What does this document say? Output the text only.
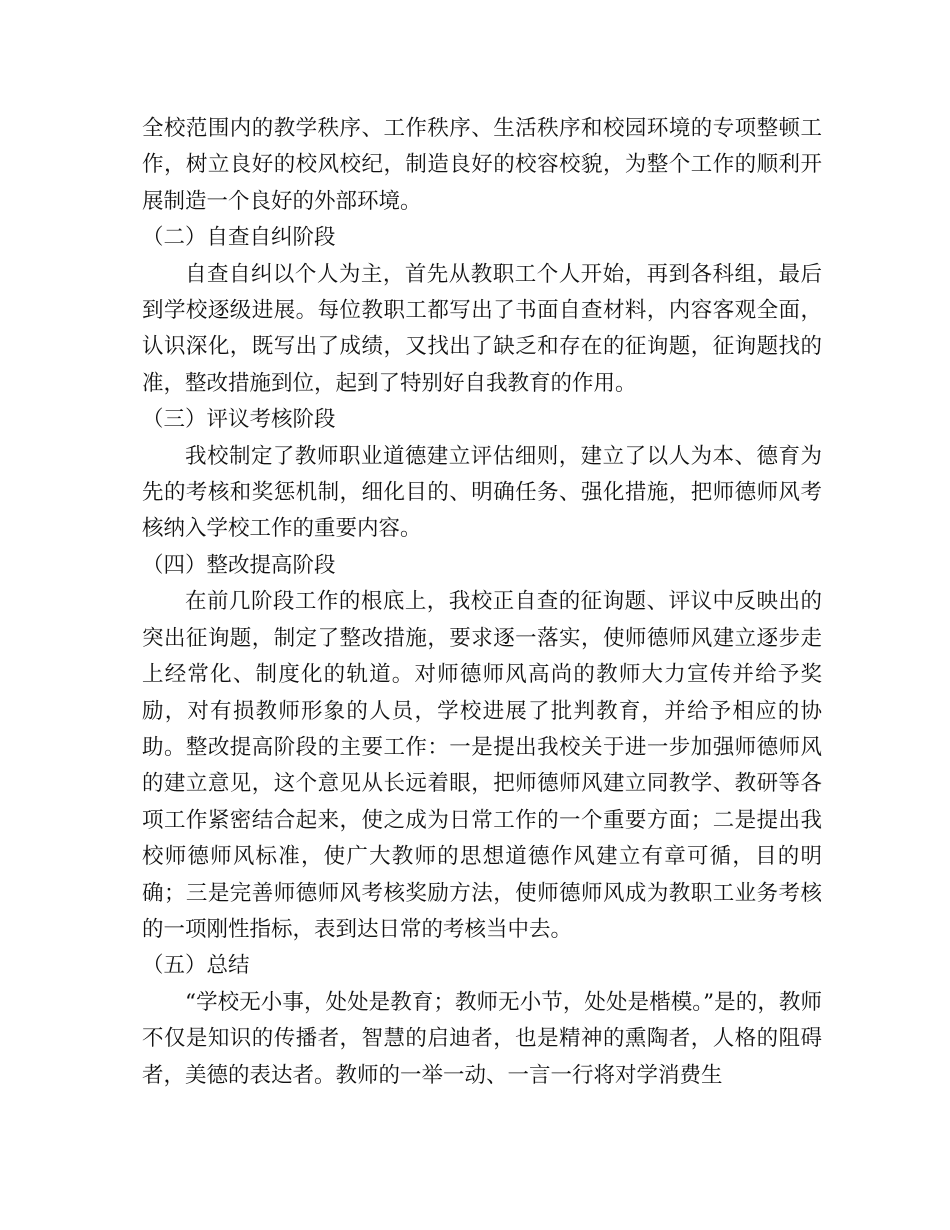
全校范围内的教学秩序、工作秩序、生活秩序和校园环境的专项整顿工作，树立良好的校风校纪，制造良好的校容校貌，为整个工作的顺利开展制造一个良好的外部环境。

（二）自查自纠阶段

自查自纠以个人为主，首先从教职工个人开始，再到各科组，最后到学校逐级进展。每位教职工都写出了书面自查材料，内容客观全面，认识深化，既写出了成绩，又找出了缺乏和存在的征询题，征询题找的准，整改措施到位，起到了特别好自我教育的作用。

（三）评议考核阶段

我校制定了教师职业道德建立评估细则，建立了以人为本、德育为先的考核和奖惩机制，细化目的、明确任务、强化措施，把师德师风考核纳入学校工作的重要内容。

（四）整改提高阶段

在前几阶段工作的根底上，我校正自查的征询题、评议中反映出的突出征询题，制定了整改措施，要求逐一落实，使师德师风建立逐步走上经常化、制度化的轨道。对师德师风高尚的教师大力宣传并给予奖励，对有损教师形象的人员，学校进展了批判教育，并给予相应的协助。整改提高阶段的主要工作：一是提出我校关于进一步加强师德师风的建立意见，这个意见从长远着眼，把师德师风建立同教学、教研等各项工作紧密结合起来，使之成为日常工作的一个重要方面；二是提出我校师德师风标准，使广大教师的思想道德作风建立有章可循，目的明确；三是完善师德师风考核奖励方法，使师德师风成为教职工业务考核的一项刚性指标，表到达日常的考核当中去。

（五）总结

“学校无小事，处处是教育；教师无小节，处处是楷模。”是的，教师不仅是知识的传播者，智慧的启迪者，也是精神的熏陶者，人格的阻碍者，美德的表达者。教师的一举一动、一言一行将对学消费生
